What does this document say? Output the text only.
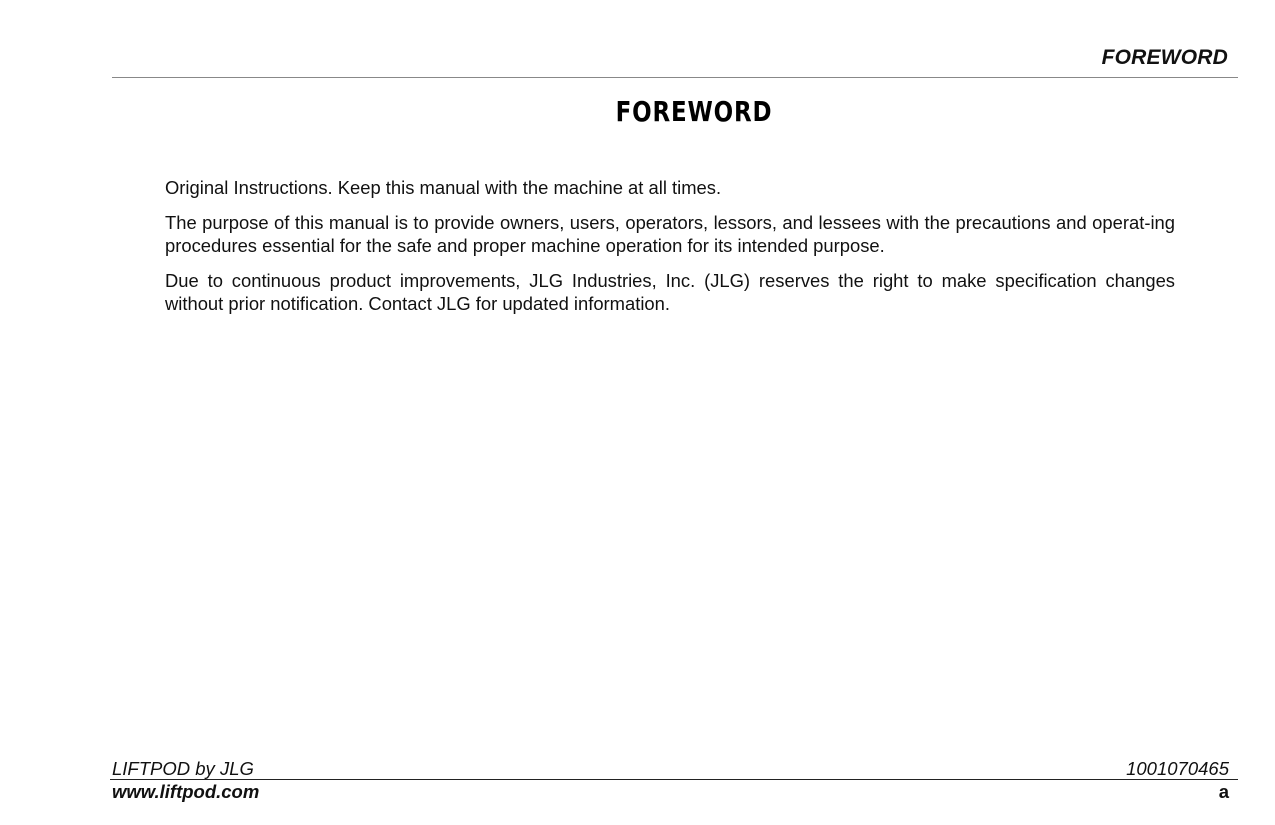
FOREWORD
FOREWORD

Original Instructions. Keep this manual with the machine at all times.

The purpose of this manual is to provide owners, users, operators, lessors, and lessees with the precautions and operat-ing procedures essential for the safe and proper machine operation for its intended purpose.

Due to continuous product improvements, JLG Industries, Inc. (JLG) reserves the right to make specification changes without prior notification. Contact JLG for updated information.

LIFTPOD by JLG	1001070465
www.liftpod.com	a
